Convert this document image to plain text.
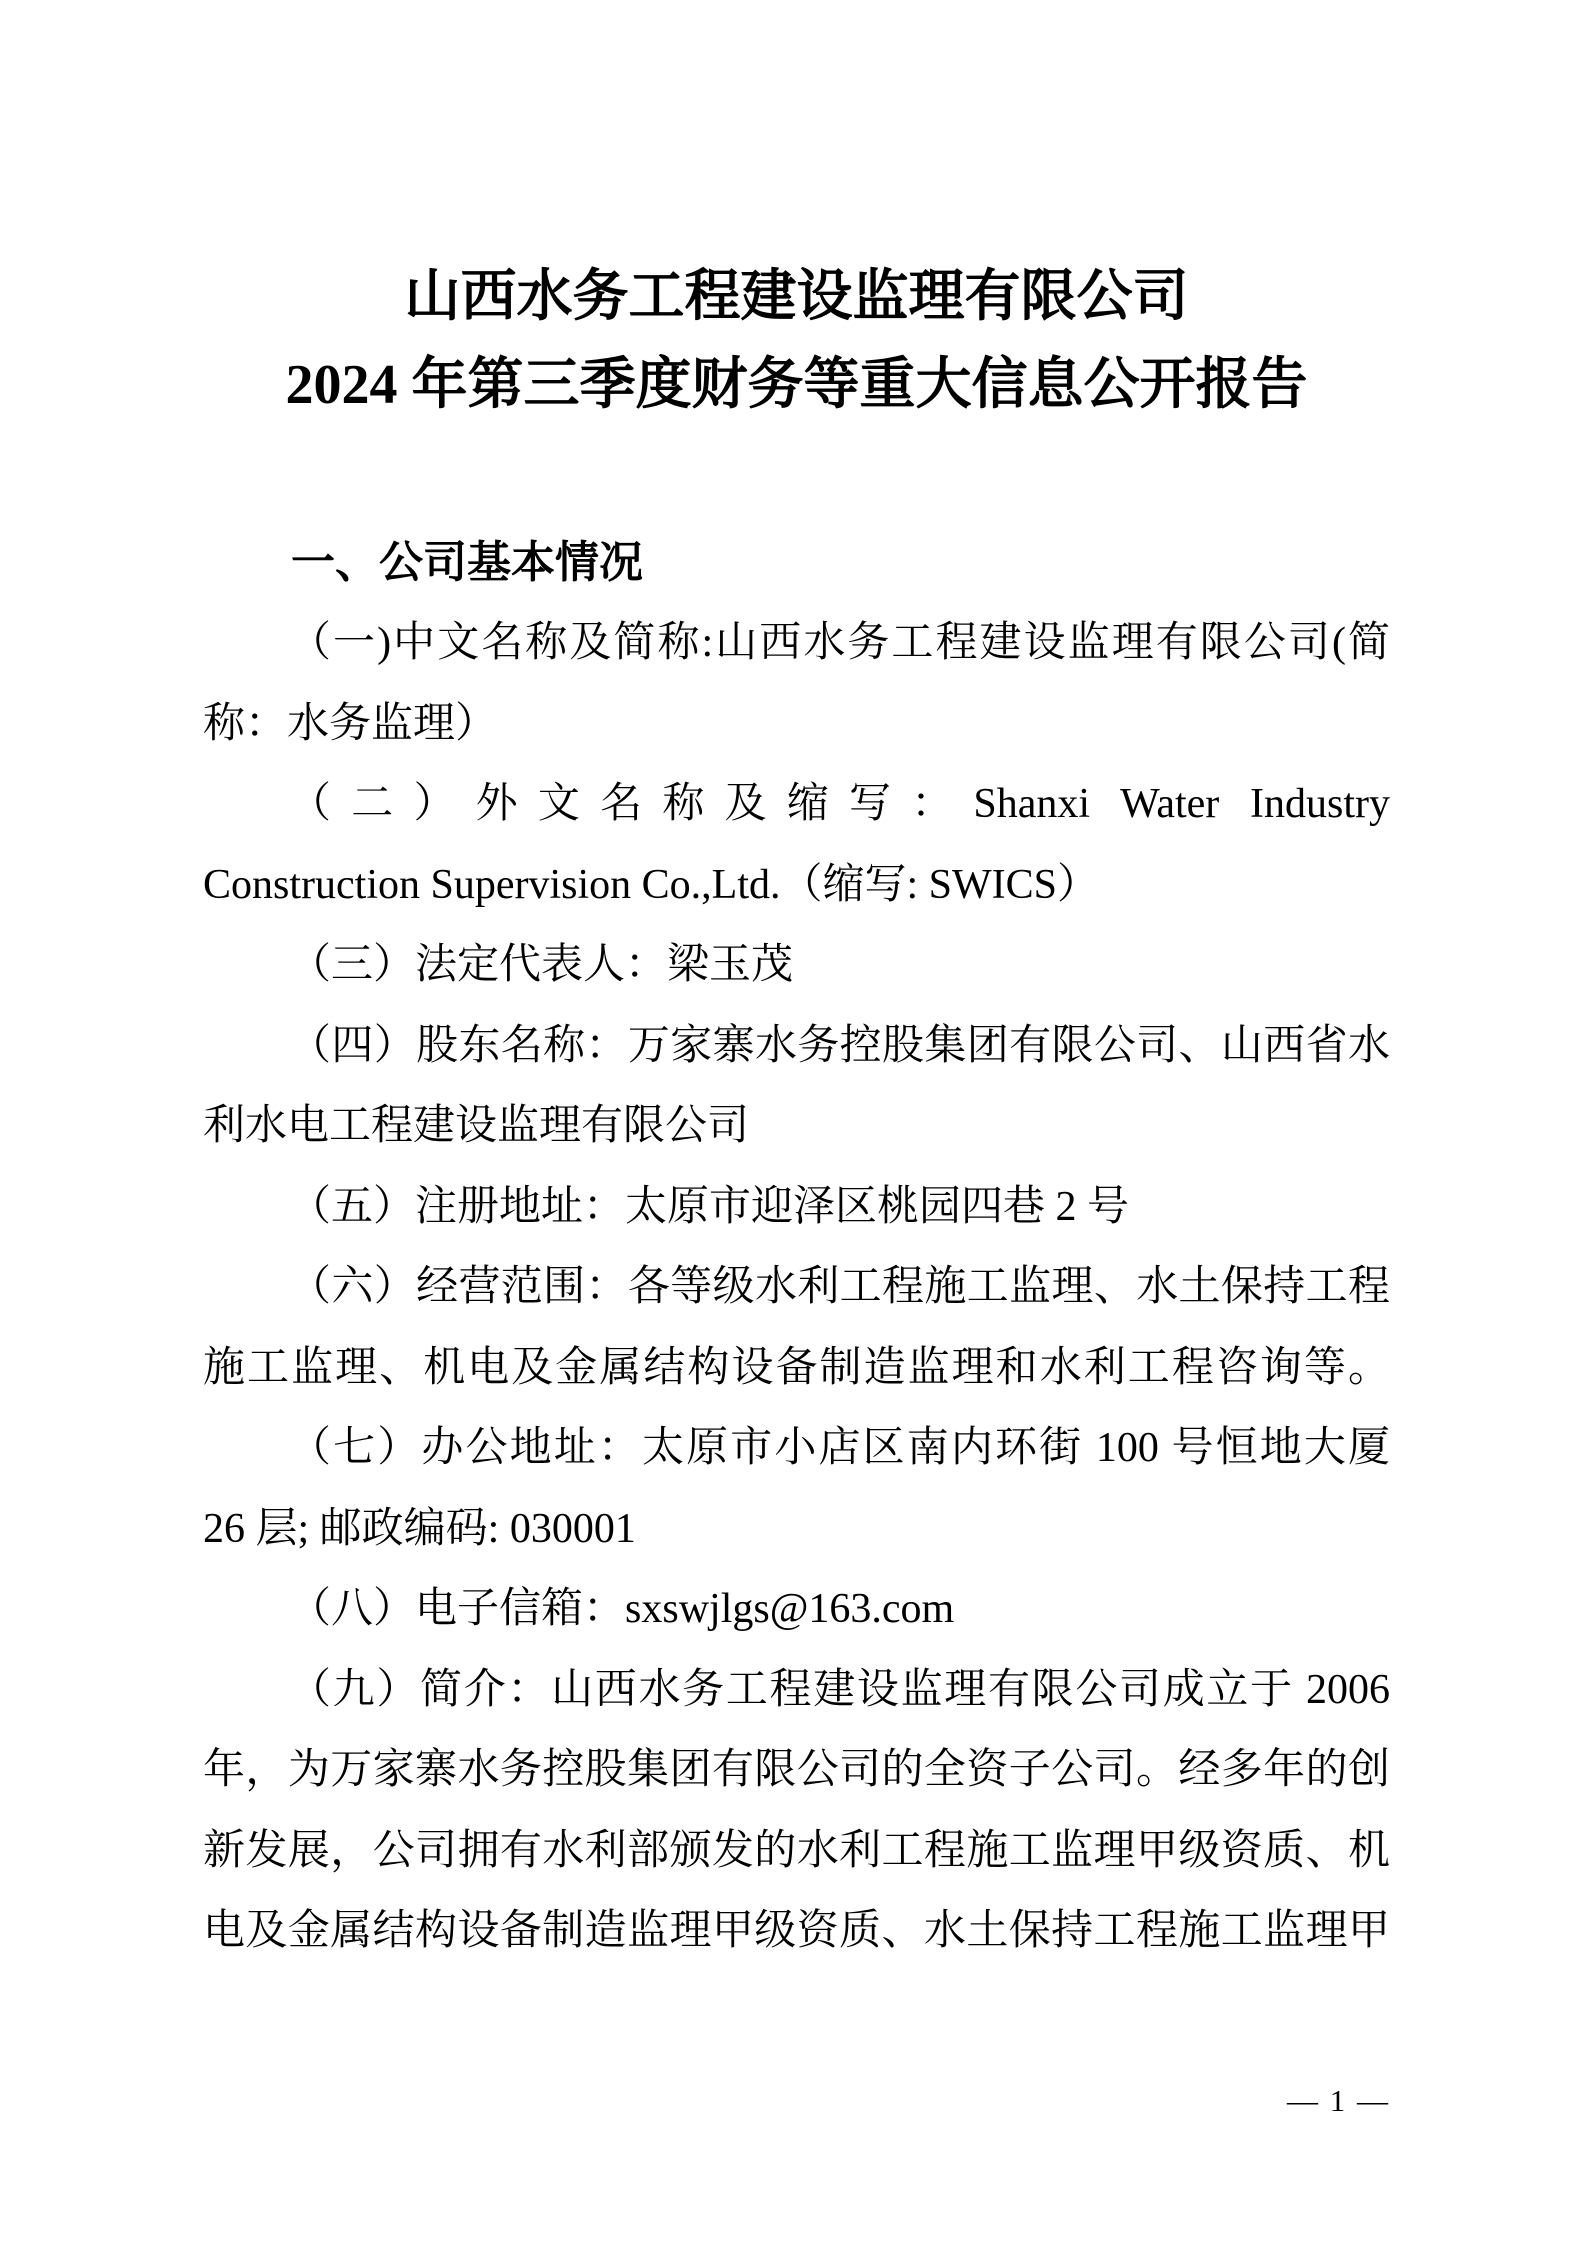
山西水务工程建设监理有限公司
2024 年第三季度财务等重大信息公开报告
一、公司基本情况

（一)中文名称及简称:山西水务工程建设监理有限公司(简

称：水务监理）

（二）外文名称及缩写：Shanxi Water Industry

Construction Supervision Co.,Ltd.（缩写: SWICS）

（三）法定代表人：梁玉茂

（四）股东名称：万家寨水务控股集团有限公司、山西省水

利水电工程建设监理有限公司

（五）注册地址：太原市迎泽区桃园四巷 2 号

（六）经营范围：各等级水利工程施工监理、水土保持工程

施工监理、机电及金属结构设备制造监理和水利工程咨询等。

（七）办公地址：太原市小店区南内环街 100 号恒地大厦

26 层; 邮政编码: 030001

（八）电子信箱：sxswjlgs@163.com

（九）简介：山西水务工程建设监理有限公司成立于 2006

年，为万家寨水务控股集团有限公司的全资子公司。经多年的创

新发展，公司拥有水利部颁发的水利工程施工监理甲级资质、机

电及金属结构设备制造监理甲级资质、水土保持工程施工监理甲

— 1 —
